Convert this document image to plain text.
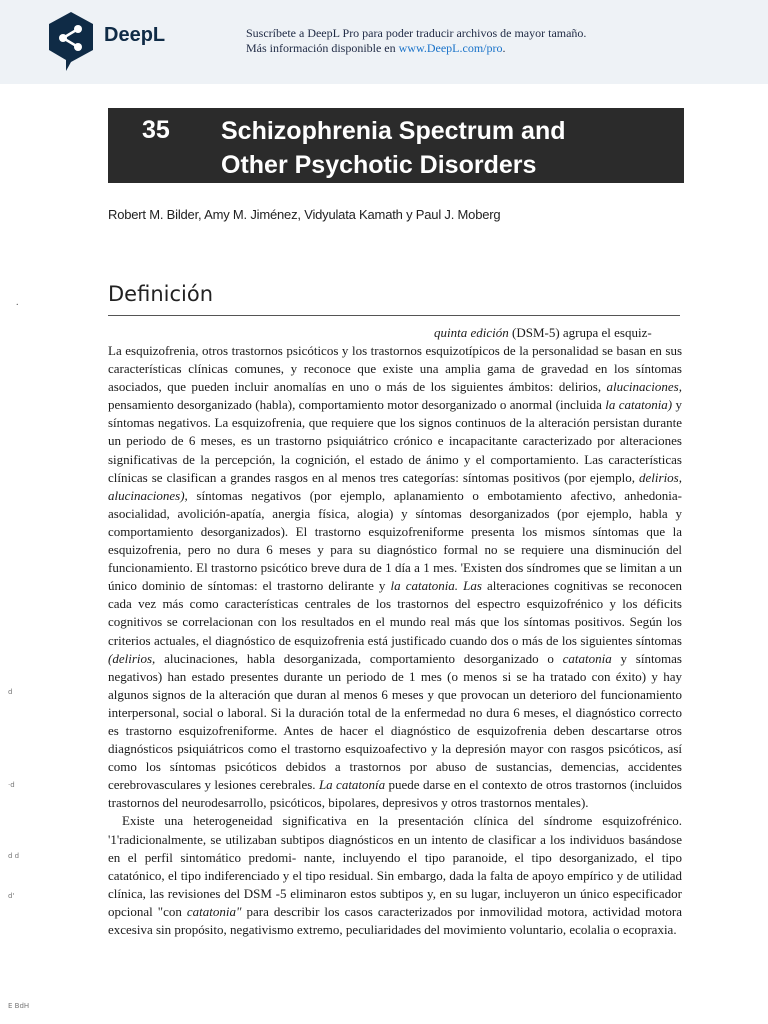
DeepL	Suscríbete a DeepL Pro para poder traducir archivos de mayor tamaño.
Más información disponible en www.DeepL.com/pro.
35 Schizophrenia Spectrum and
Other Psychotic Disorders
Robert M. Bilder, Amy M. Jiménez, Vidyulata Kamath y Paul J. Moberg
.
d
·d
d d
d'
E BdH
Definición
quinta edición (DSM-5) agrupa el esquiz-

La esquizofrenia, otros trastornos psicóticos y los trastornos esquizotípicos de la personalidad se basan en sus características clínicas comunes, y reconoce que existe una amplia gama de gravedad en los síntomas asociados, que pueden incluir anomalías en uno o más de los siguientes ámbitos: delirios, alucinaciones, pensamiento desorganizado (habla), comportamiento motor desorganizado o anormal (incluida la catatonia) y síntomas negativos. La esquizofrenia, que requiere que los signos continuos de la alteración persistan durante un periodo de 6 meses, es un trastorno psiquiátrico crónico e incapacitante caracterizado por alteraciones significativas de la percepción, la cognición, el estado de ánimo y el comportamiento. Las características clínicas se clasifican a grandes rasgos en al menos tres categorías: síntomas positivos (por ejemplo, delirios, alucinaciones), síntomas negativos (por ejemplo, aplanamiento o embotamiento afectivo, anhedonia-asocialidad, avolición-apatía, anergia física, alogia) y síntomas desorganizados (por ejemplo, habla y comportamiento desorganizados). El trastorno esquizofreniforme presenta los mismos síntomas que la esquizofrenia, pero no dura 6 meses y para su diagnóstico formal no se requiere una disminución del funcionamiento. El trastorno psicótico breve dura de 1 día a 1 mes. 'Existen dos síndromes que se limitan a un único dominio de síntomas: el trastorno delirante y la catatonia. Las alteraciones cognitivas se reconocen cada vez más como características centrales de los trastornos del espectro esquizofrénico y los déficits cognitivos se correlacionan con los resultados en el mundo real más que los síntomas positivos. Según los criterios actuales, el diagnóstico de esquizofrenia está justificado cuando dos o más de los siguientes síntomas (delirios, alucinaciones, habla desorganizada, comportamiento desorganizado o catatonia y síntomas negativos) han estado presentes durante un periodo de 1 mes (o menos si se ha tratado con éxito) y hay algunos signos de la alteración que duran al menos 6 meses y que provocan un deterioro del funcionamiento interpersonal, social o laboral. Si la duración total de la enfermedad no dura 6 meses, el diagnóstico correcto es trastorno esquizofreniforme. Antes de hacer el diagnóstico de esquizofrenia deben descartarse otros diagnósticos psiquiátricos como el trastorno esquizoafectivo y la depresión mayor con rasgos psicóticos, así como los síntomas psicóticos debidos a trastornos por abuso de sustancias, demencias, accidentes cerebrovasculares y lesiones cerebrales. La catatonía puede darse en el contexto de otros trastornos (incluidos trastornos del neurodesarrollo, psicóticos, bipolares, depresivos y otros trastornos mentales).

Existe una heterogeneidad significativa en la presentación clínica del síndrome esquizofrénico. '1'radicionalmente, se utilizaban subtipos diagnósticos en un intento de clasificar a los individuos basándose en el perfil sintomático predomi- nante, incluyendo el tipo paranoide, el tipo desorganizado, el tipo catatónico, el tipo indiferenciado y el tipo residual. Sin embargo, dada la falta de apoyo empírico y de utilidad clínica, las revisiones del DSM -5 eliminaron estos subtipos y, en su lugar, incluyeron un único especificador opcional "con catatonia" para describir los casos caracterizados por inmovilidad motora, actividad motora excesiva sin propósito, negativismo extremo, peculiaridades del movimiento voluntario, ecolalia o ecopraxia.
